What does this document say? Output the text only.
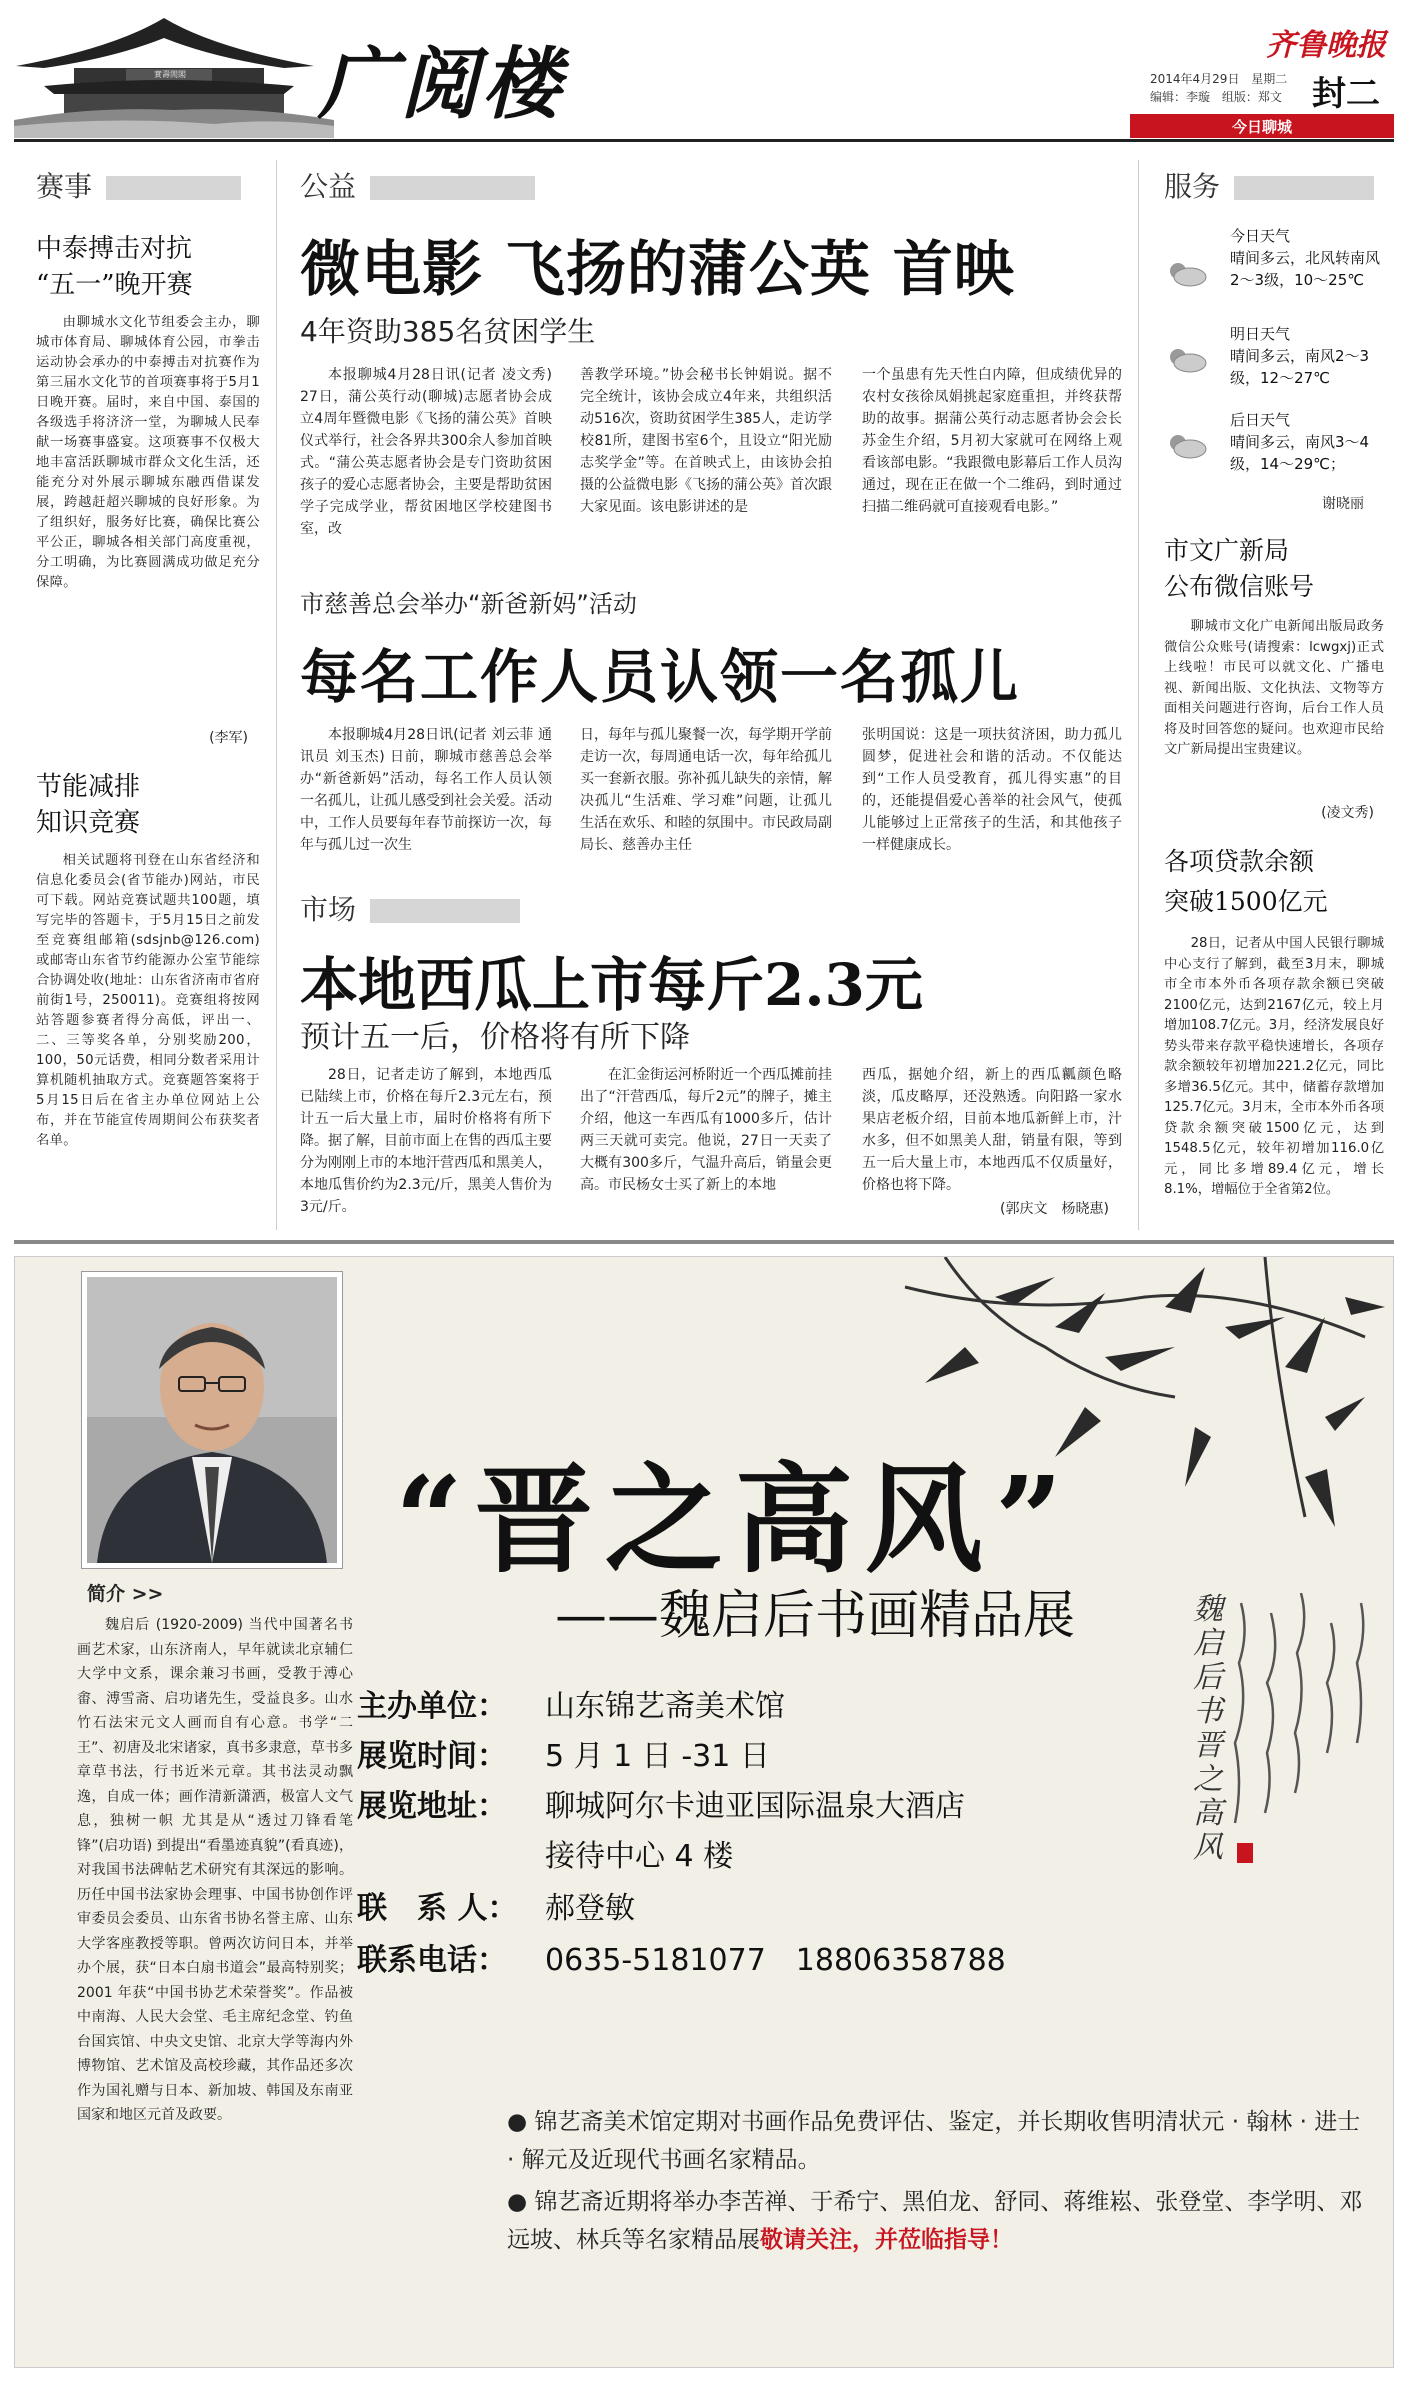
實壽閒閣 广阅楼	齐鲁晚报
2014年4月29日 星期二
编辑：李璇 组版：郑文 封二
今日聊城
赛事
中泰搏击对抗
“五一”晚开赛
由聊城水文化节组委会主办，聊城市体育局、聊城体育公园，市拳击运动协会承办的中泰搏击对抗赛作为第三届水文化节的首项赛事将于5月1日晚开赛。届时，来自中国、泰国的各级选手将济济一堂，为聊城人民奉献一场赛事盛宴。这项赛事不仅极大地丰富活跃聊城市群众文化生活，还能充分对外展示聊城东融西借谋发展，跨越赶超兴聊城的良好形象。为了组织好，服务好比赛，确保比赛公平公正，聊城各相关部门高度重视，分工明确，为比赛圆满成功做足充分保障。
(李军)
节能减排
知识竞赛
相关试题将刊登在山东省经济和信息化委员会(省节能办)网站，市民可下载。网站竞赛试题共100题，填写完毕的答题卡，于5月15日之前发至竞赛组邮箱(sdsjnb@126.com)或邮寄山东省节约能源办公室节能综合协调处收(地址：山东省济南市省府前街1号，250011)。竞赛组将按网站答题参赛者得分高低，评出一、二、三等奖各单，分别奖励200，100，50元话费，相同分数者采用计算机随机抽取方式。竞赛题答案将于5月15日后在省主办单位网站上公布，并在节能宣传周期间公布获奖者名单。
公益
微电影 飞扬的蒲公英 首映
4年资助385名贫困学生
本报聊城4月28日讯(记者 凌文秀) 27日，蒲公英行动(聊城)志愿者协会成立4周年暨微电影《飞扬的蒲公英》首映仪式举行，社会各界共300余人参加首映式。“蒲公英志愿者协会是专门资助贫困孩子的爱心志愿者协会，主要是帮助贫困学子完成学业，帮贫困地区学校建图书室，改
善教学环境。”协会秘书长钟娟说。据不完全统计，该协会成立4年来，共组织活动516次，资助贫困学生385人，走访学校81所，建图书室6个，且设立“阳光励志奖学金”等。在首映式上，由该协会拍摄的公益微电影《飞扬的蒲公英》首次跟大家见面。该电影讲述的是
一个虽患有先天性白内障，但成绩优异的农村女孩徐凤娟挑起家庭重担，并终获帮助的故事。据蒲公英行动志愿者协会会长苏金生介绍，5月初大家就可在网络上观看该部电影。“我跟微电影幕后工作人员沟通过，现在正在做一个二维码，到时通过扫描二维码就可直接观看电影。”
市慈善总会举办“新爸新妈”活动
每名工作人员认领一名孤儿
本报聊城4月28日讯(记者 刘云菲 通讯员 刘玉杰) 日前，聊城市慈善总会举办“新爸新妈”活动，每名工作人员认领一名孤儿，让孤儿感受到社会关爱。活动中，工作人员要每年春节前探访一次，每年与孤儿过一次生
日，每年与孤儿聚餐一次，每学期开学前走访一次，每周通电话一次，每年给孤儿买一套新衣服。弥补孤儿缺失的亲情，解决孤儿“生活难、学习难”问题，让孤儿生活在欢乐、和睦的氛围中。市民政局副局长、慈善办主任
张明国说：这是一项扶贫济困，助力孤儿圆梦，促进社会和谐的活动。不仅能达到“工作人员受教育，孤儿得实惠”的目的，还能提倡爱心善举的社会风气，使孤儿能够过上正常孩子的生活，和其他孩子一样健康成长。
市场
本地西瓜上市每斤2.3元
预计五一后，价格将有所下降
28日，记者走访了解到，本地西瓜已陆续上市，价格在每斤2.3元左右，预计五一后大量上市，届时价格将有所下降。据了解，目前市面上在售的西瓜主要分为刚刚上市的本地汗营西瓜和黑美人，本地瓜售价约为2.3元/斤，黑美人售价为3元/斤。
在汇金街运河桥附近一个西瓜摊前挂出了“汗营西瓜，每斤2元”的牌子，摊主介绍，他这一车西瓜有1000多斤，估计两三天就可卖完。他说，27日一天卖了大概有300多斤，气温升高后，销量会更高。市民杨女士买了新上的本地
西瓜，据她介绍，新上的西瓜瓤颜色略淡，瓜皮略厚，还没熟透。向阳路一家水果店老板介绍，目前本地瓜新鲜上市，汁水多，但不如黑美人甜，销量有限，等到五一后大量上市，本地西瓜不仅质量好，价格也将下降。
(郭庆文　杨晓惠)
服务
今日天气
晴间多云，北风转南风2～3级，10～25℃
明日天气
晴间多云，南风2～3级，12～27℃
后日天气
晴间多云，南风3～4级，14～29℃；
谢晓丽
市文广新局
公布微信账号
聊城市文化广电新闻出版局政务微信公众账号(请搜索：lcwgxj)正式上线啦！市民可以就文化、广播电视、新闻出版、文化执法、文物等方面相关问题进行咨询，后台工作人员将及时回答您的疑问。也欢迎市民给文广新局提出宝贵建议。
(凌文秀)
各项贷款余额
突破1500亿元
28日，记者从中国人民银行聊城中心支行了解到，截至3月末，聊城市全市本外币各项存款余额已突破2100亿元，达到2167亿元，较上月增加108.7亿元。3月，经济发展良好势头带来存款平稳快速增长，各项存款余额较年初增加221.2亿元，同比多增36.5亿元。其中，储蓄存款增加125.7亿元。3月末，全市本外币各项贷款余额突破1500亿元，达到1548.5亿元，较年初增加116.0亿元，同比多增89.4亿元，增长8.1%，增幅位于全省第2位。
简介 >>
魏启后 (1920-2009) 当代中国著名书画艺术家，山东济南人，早年就读北京辅仁大学中文系，课余兼习书画，受教于溥心畬、溥雪斋、启功诸先生，受益良多。山水竹石法宋元文人画而自有心意。书学“二王”、初唐及北宋诸家，真书多隶意，草书多章草书法，行书近米元章。其书法灵动飘逸，自成一体；画作清新潇洒，极富人文气息，独树一帜 尤其是从“透过刀锋看笔锋”(启功语) 到提出“看墨迹真貌”(看真迹)，对我国书法碑帖艺术研究有其深远的影响。历任中国书法家协会理事、中国书协创作评审委员会委员、山东省书协名誉主席、山东大学客座教授等职。曾两次访问日本，并举办个展，获“日本白扇书道会”最高特别奖；2001 年获“中国书协艺术荣誉奖”。作品被中南海、人民大会堂、毛主席纪念堂、钓鱼台国宾馆、中央文史馆、北京大学等海内外博物馆、艺术馆及高校珍藏，其作品还多次作为国礼赠与日本、新加坡、韩国及东南亚国家和地区元首及政要。
“晋之高风”
——魏启后书画精品展	魏启后 书 晋之高风
主办单位： 山东锦艺斋美术馆
展览时间： 5 月 1 日 -31 日
展览地址： 聊城阿尔卡迪亚国际温泉大酒店
接待中心 4 楼
联　系 人： 郝登敏
联系电话： 0635-5181077　18806358788
● 锦艺斋美术馆定期对书画作品免费评估、鉴定，并长期收售明清状元 · 翰林 · 进士 · 解元及近现代书画名家精品。
● 锦艺斋近期将举办李苦禅、于希宁、黑伯龙、舒同、蒋维崧、张登堂、李学明、邓远坡、林兵等名家精品展敬请关注，并莅临指导！
